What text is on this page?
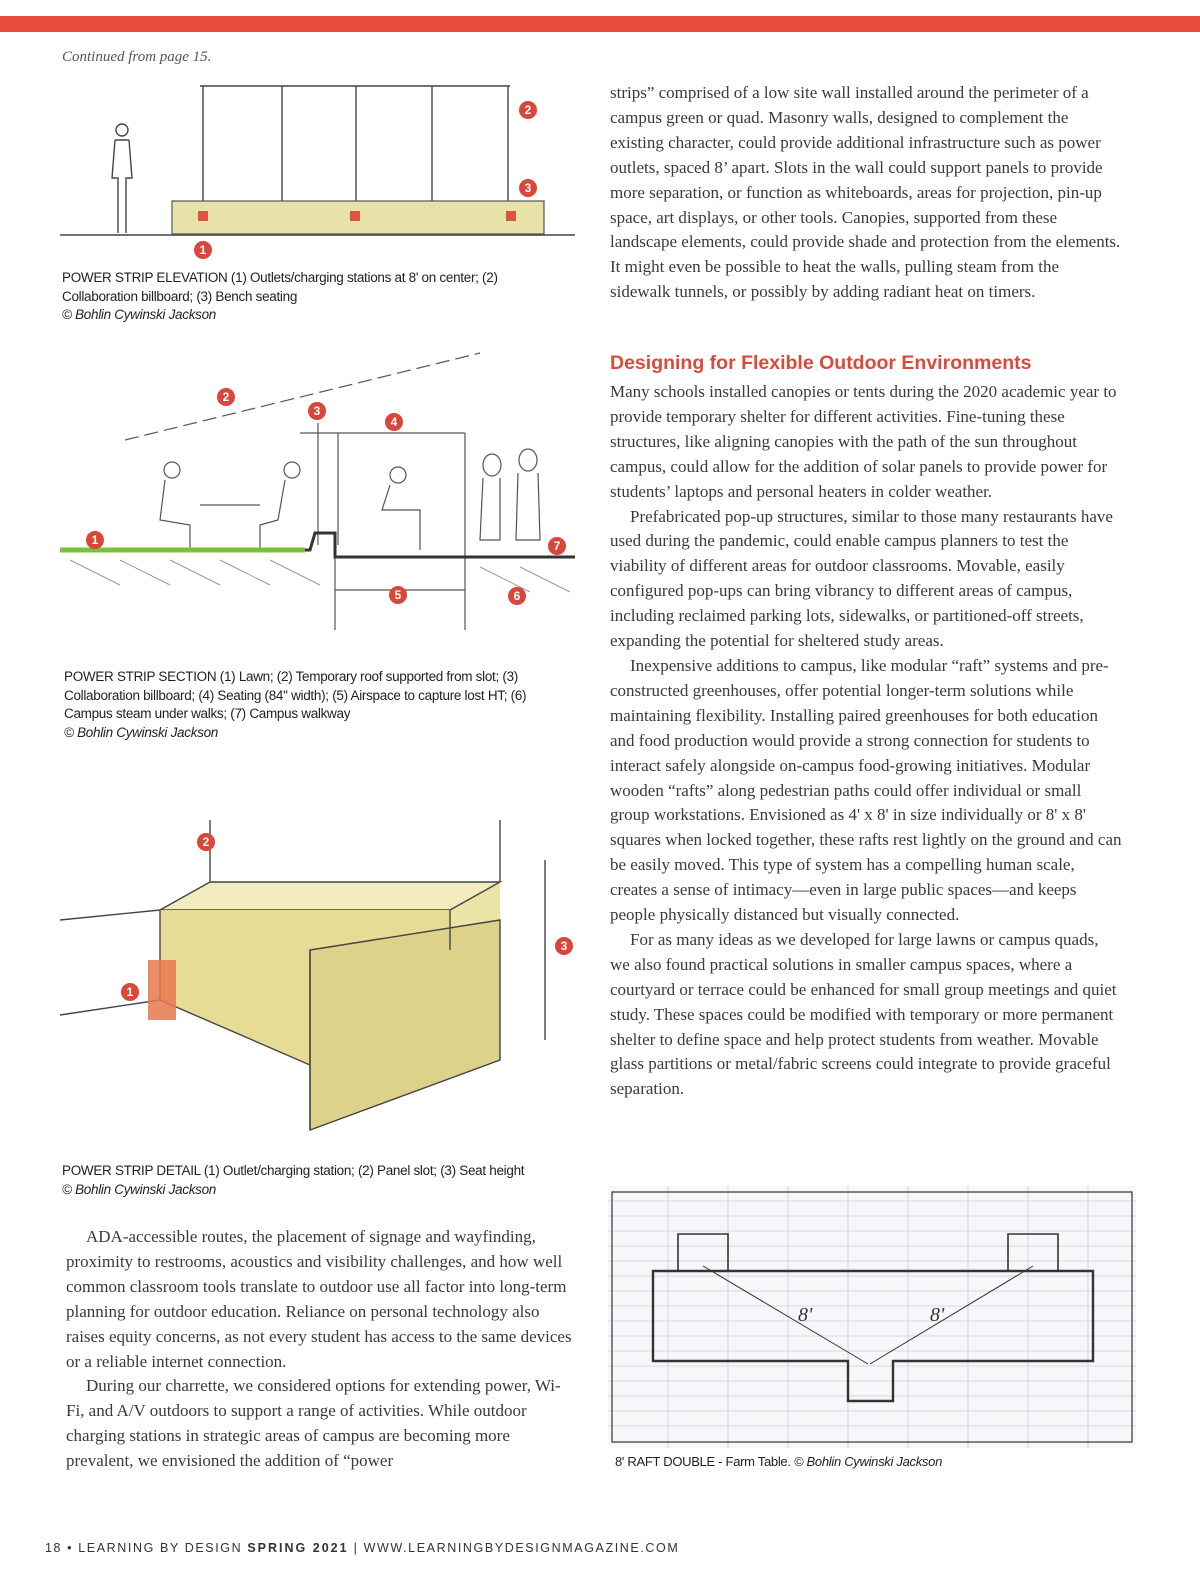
Continued from page 15.
1
2
3
POWER STRIP ELEVATION (1) Outlets/charging stations at 8' on center; (2) Collaboration billboard; (3) Bench seating
© Bohlin Cywinski Jackson
1
2
3
4
5	6
7
POWER STRIP SECTION (1) Lawn; (2) Temporary roof supported from slot; (3) Collaboration billboard; (4) Seating (84" width); (5) Airspace to capture lost HT; (6) Campus steam under walks; (7) Campus walkway
© Bohlin Cywinski Jackson
1
2
3
POWER STRIP DETAIL (1) Outlet/charging station; (2) Panel slot; (3) Seat height
© Bohlin Cywinski Jackson

ADA-accessible routes, the placement of signage and wayfinding, proximity to restrooms, acoustics and visibility challenges, and how well common classroom tools translate to outdoor use all factor into long-term planning for outdoor education. Reliance on personal technology also raises equity concerns, as not every student has access to the same devices or a reliable internet connection.

During our charrette, we considered options for extending power, Wi-Fi, and A/V outdoors to support a range of activities. While outdoor charging stations in strategic areas of campus are becoming more prevalent, we envisioned the addition of “power

strips” comprised of a low site wall installed around the perimeter of a campus green or quad. Masonry walls, designed to complement the existing character, could provide additional infrastructure such as power outlets, spaced 8’ apart. Slots in the wall could support panels to provide more separation, or function as whiteboards, areas for projection, pin-up space, art displays, or other tools. Canopies, supported from these landscape elements, could provide shade and protection from the elements. It might even be possible to heat the walls, pulling steam from the sidewalk tunnels, or possibly by adding radiant heat on timers.

Designing for Flexible Outdoor Environments

Many schools installed canopies or tents during the 2020 academic year to provide temporary shelter for different activities. Fine-tuning these structures, like aligning canopies with the path of the sun throughout campus, could allow for the addition of solar panels to provide power for students’ laptops and personal heaters in colder weather.

Prefabricated pop-up structures, similar to those many restaurants have used during the pandemic, could enable campus planners to test the viability of different areas for outdoor classrooms. Movable, easily configured pop-ups can bring vibrancy to different areas of campus, including reclaimed parking lots, sidewalks, or partitioned-off streets, expanding the potential for sheltered study areas.

Inexpensive additions to campus, like modular “raft” systems and pre-constructed greenhouses, offer potential longer-term solutions while maintaining flexibility. Installing paired greenhouses for both education and food production would provide a strong connection for students to interact safely alongside on-campus food-growing initiatives. Modular wooden “rafts” along pedestrian paths could offer individual or small group workstations. Envisioned as 4' x 8' in size individually or 8' x 8' squares when locked together, these rafts rest lightly on the ground and can be easily moved. This type of system has a compelling human scale, creates a sense of intimacy—even in large public spaces—and keeps people physically distanced but visually connected.

For as many ideas as we developed for large lawns or campus quads, we also found practical solutions in smaller campus spaces, where a courtyard or terrace could be enhanced for small group meetings and quiet study. These spaces could be modified with temporary or more permanent shelter to define space and help protect students from weather. Movable glass partitions or metal/fabric screens could integrate to provide graceful separation.

8'	8'
8' RAFT DOUBLE - Farm Table. © Bohlin Cywinski Jackson
18 • LEARNING BY DESIGN SPRING 2021 | WWW.LEARNINGBYDESIGNMAGAZINE.COM
